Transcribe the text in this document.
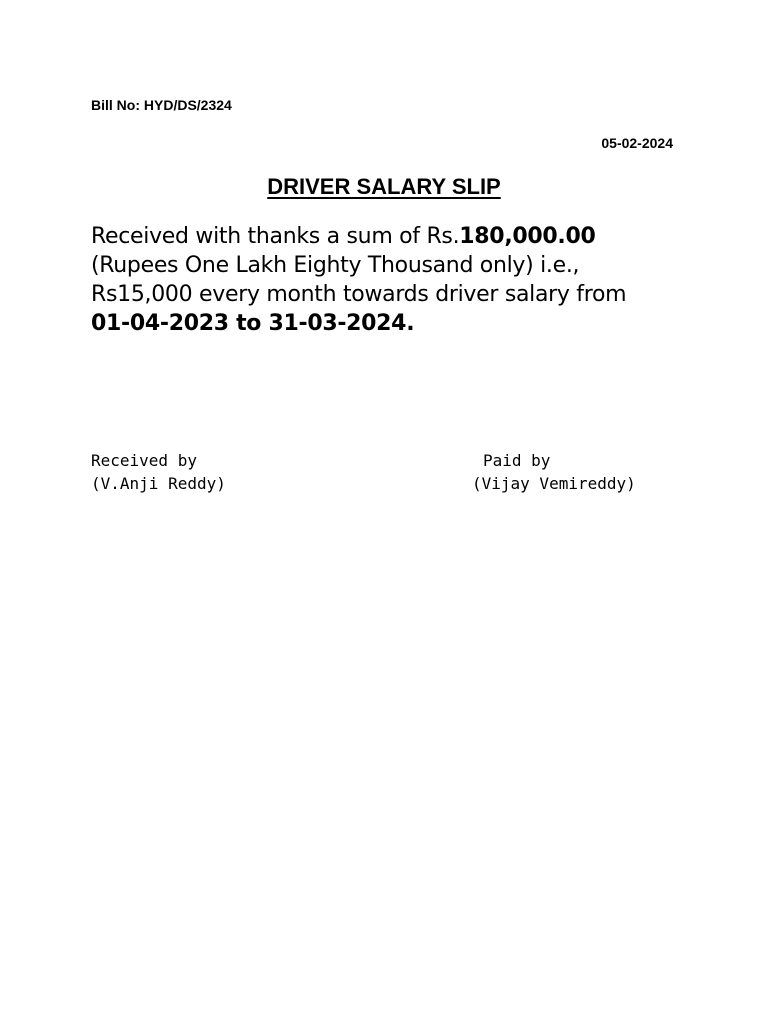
Bill No: HYD/DS/2324
05-02-2024
DRIVER SALARY SLIP
Received with thanks a sum of Rs.180,000.00
(Rupees One Lakh Eighty Thousand only) i.e.,
Rs15,000 every month towards driver salary from
01-04-2023 to 31-03-2024.
Received by
(V.Anji Reddy)
Paid by
(Vijay Vemireddy)
